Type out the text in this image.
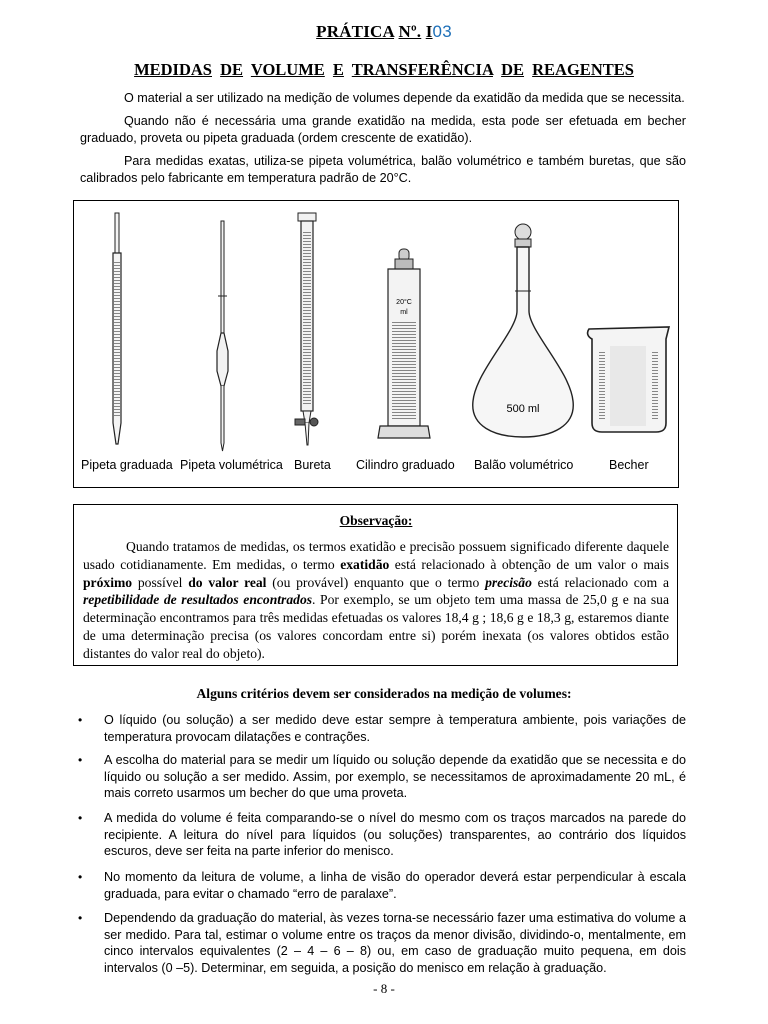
PRÁTICA Nº. I03
MEDIDAS DE VOLUME E TRANSFERÊNCIA DE REAGENTES
O material a ser utilizado na medição de volumes depende da exatidão da medida que se necessita.
Quando não é necessária uma grande exatidão na medida, esta pode ser efetuada em becher graduado, proveta ou pipeta graduada (ordem crescente de exatidão).
Para medidas exatas, utiliza-se pipeta volumétrica, balão volumétrico e também buretas, que são calibrados pelo fabricante em temperatura padrão de 20°C.
20°C
ml
500 ml
Pipeta graduada Pipeta volumétrica Bureta Cilindro graduado Balão volumétrico	Becher
Observação:
Quando tratamos de medidas, os termos exatidão e precisão possuem significado diferente daquele usado cotidianamente. Em medidas, o termo exatidão está relacionado à obtenção de um valor o mais próximo possível do valor real (ou provável) enquanto que o termo precisão está relacionado com a repetibilidade de resultados encontrados. Por exemplo, se um objeto tem uma massa de 25,0 g e na sua determinação encontramos para três medidas efetuadas os valores 18,4 g ; 18,6 g e 18,3 g, estaremos diante de uma determinação precisa (os valores concordam entre si) porém inexata (os valores obtidos estão distantes do valor real do objeto).
Alguns critérios devem ser considerados na medição de volumes:
• O líquido (ou solução) a ser medido deve estar sempre à temperatura ambiente, pois variações de temperatura provocam dilatações e contrações.
• A escolha do material para se medir um líquido ou solução depende da exatidão que se necessita e do líquido ou solução a ser medido. Assim, por exemplo, se necessitamos de aproximadamente 20 mL, é mais correto usarmos um becher do que uma proveta.
• A medida do volume é feita comparando-se o nível do mesmo com os traços marcados na parede do recipiente. A leitura do nível para líquidos (ou soluções) transparentes, ao contrário dos líquidos escuros, deve ser feita na parte inferior do menisco.
• No momento da leitura de volume, a linha de visão do operador deverá estar perpendicular à escala graduada, para evitar o chamado “erro de paralaxe”.
• Dependendo da graduação do material, às vezes torna-se necessário fazer uma estimativa do volume a ser medido. Para tal, estimar o volume entre os traços da menor divisão, dividindo-o, mentalmente, em cinco intervalos equivalentes (2 – 4 – 6 – 8) ou, em caso de graduação muito pequena, em dois intervalos (0 –5). Determinar, em seguida, a posição do menisco em relação à graduação.
- 8 -
